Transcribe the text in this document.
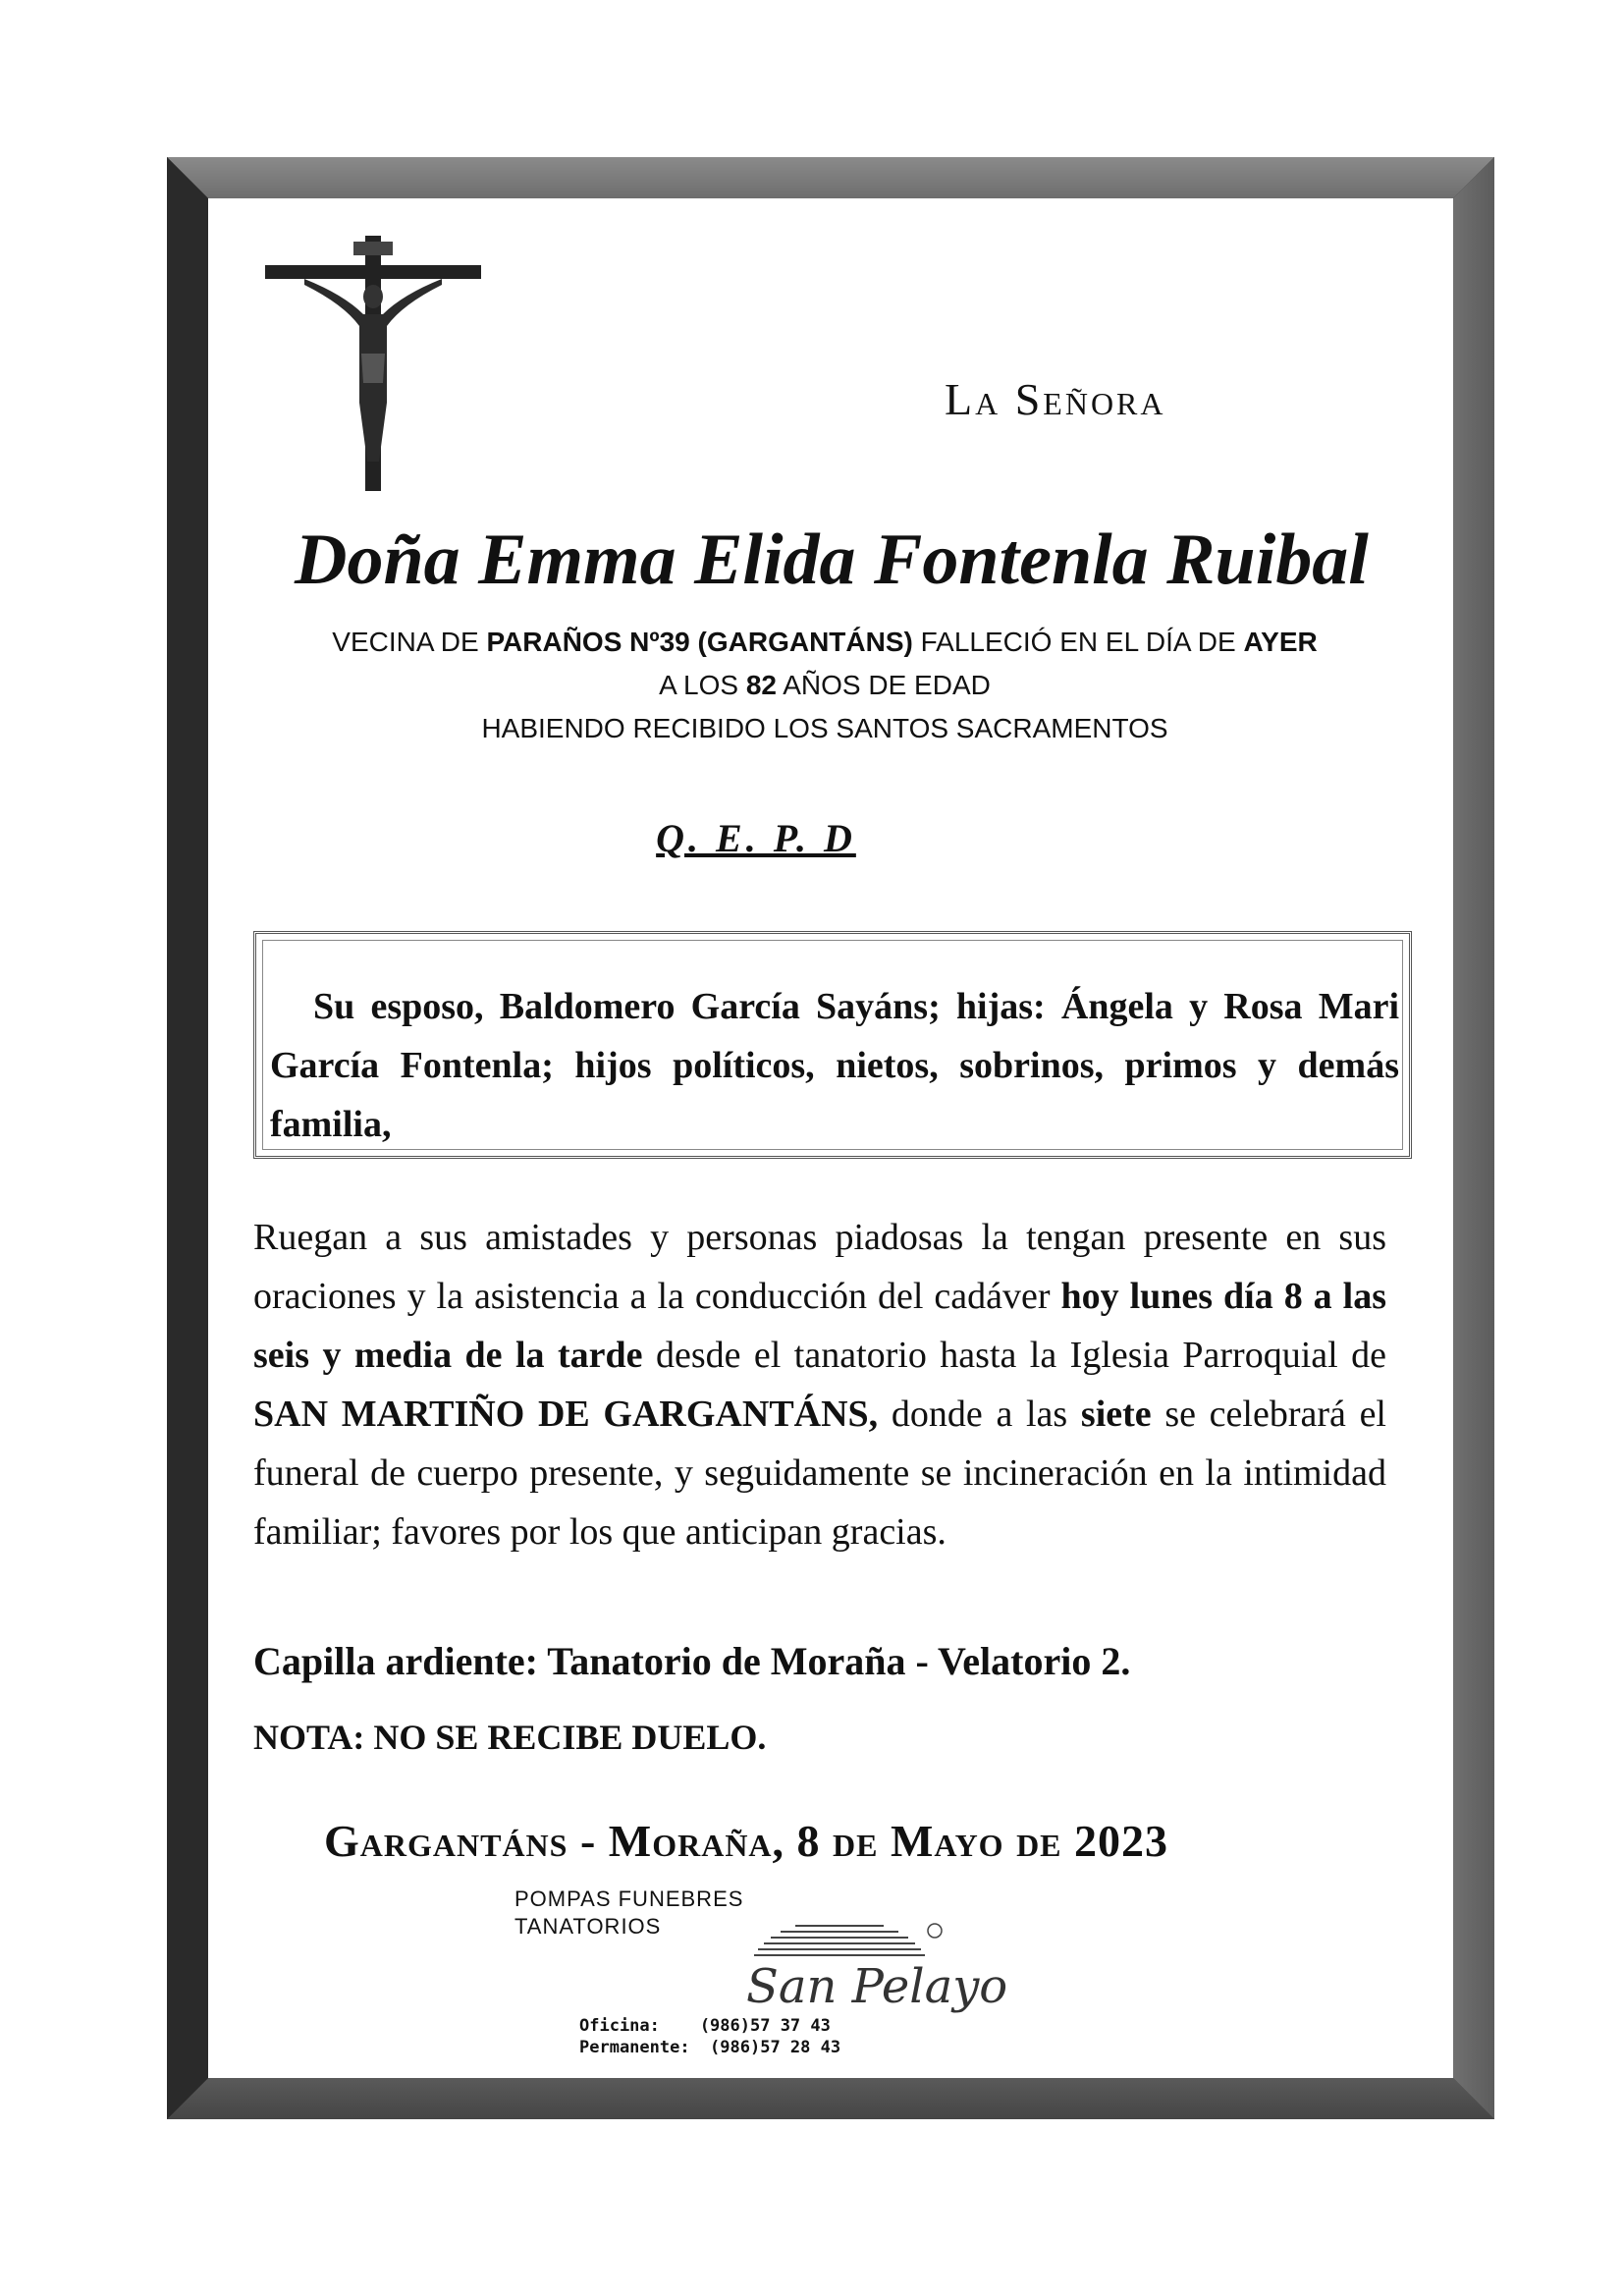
La Señora
Doña Emma Elida Fontenla Ruibal
VECINA DE PARAÑOS Nº39 (GARGANTÁNS) FALLECIÓ EN EL DÍA DE AYER
A LOS 82 AÑOS DE EDAD
HABIENDO RECIBIDO LOS SANTOS SACRAMENTOS
Q. E. P. D
Su esposo, Baldomero García Sayáns; hijas: Ángela y Rosa Mari García Fontenla; hijos políticos, nietos, sobrinos, primos y demás familia,
Ruegan a sus amistades y personas piadosas la tengan presente en sus oraciones y la asistencia a la conducción del cadáver hoy lunes día 8 a las seis y media de la tarde desde el tanatorio hasta la Iglesia Parroquial de SAN MARTIÑO DE GARGANTÁNS, donde a las siete se celebrará el funeral de cuerpo presente, y seguidamente se incineración en la intimidad familiar; favores por los que anticipan gracias.
Capilla ardiente: Tanatorio de Moraña - Velatorio 2.
NOTA: NO SE RECIBE DUELO.
Gargantáns - Moraña, 8 de Mayo de 2023
POMPAS FUNEBRES
TANATORIOS
San Pelayo
Oficina:    (986)57 37 43
Permanente:  (986)57 28 43
